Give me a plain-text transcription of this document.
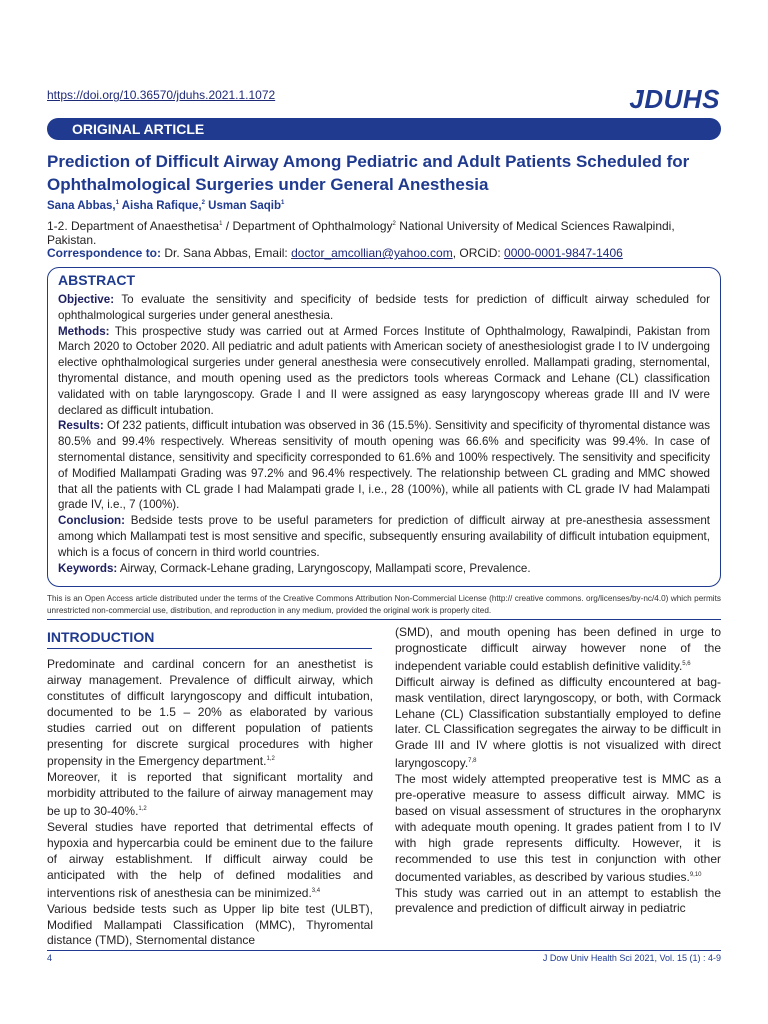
https://doi.org/10.36570/jduhs.2021.1.1072	JDUHS
ORIGINAL ARTICLE
Prediction of Difficult Airway Among Pediatric and Adult Patients Scheduled for Ophthalmological Surgeries under General Anesthesia
Sana Abbas,$^1$ Aisha Rafique,$^2$ Usman Saqib$^1$
1-2. Department of Anaesthetisa$^1$ / Department of Ophthalmology$^2$ National University of Medical Sciences Rawalpindi, Pakistan.
Correspondence to: Dr. Sana Abbas, Email: doctor_amcollian@yahoo.com, ORCiD: 0000-0001-9847-1406
ABSTRACT

Objective: To evaluate the sensitivity and specificity of bedside tests for prediction of difficult airway scheduled for ophthalmological surgeries under general anesthesia.

Methods: This prospective study was carried out at Armed Forces Institute of Ophthalmology, Rawalpindi, Pakistan from March 2020 to October 2020. All pediatric and adult patients with American society of anesthesiologist grade I to IV undergoing elective ophthalmological surgeries under general anesthesia were consecutively enrolled. Mallampati grading, sternomental, thyromental distance, and mouth opening used as the predictors tools whereas Cormack and Lehane (CL) classification validated with on table laryngoscopy. Grade I and II were assigned as easy laryngoscopy whereas grade III and IV were declared as difficult intubation.

Results: Of 232 patients, difficult intubation was observed in 36 (15.5%). Sensitivity and specificity of thyromental distance was 80.5% and 99.4% respectively. Whereas sensitivity of mouth opening was 66.6% and specificity was 99.4%. In case of sternomental distance, sensitivity and specificity corresponded to 61.6% and 100% respectively. The sensitivity and specificity of Modified Mallampati Grading was 97.2% and 96.4% respectively. The relationship between CL grading and MMC showed that all the patients with CL grade I had Malampati grade I, i.e., 28 (100%), while all patients with CL grade IV had Malampati grade IV, i.e., 7 (100%).

Conclusion: Bedside tests prove to be useful parameters for prediction of difficult airway at pre-anesthesia assessment among which Mallampati test is most sensitive and specific, subsequently ensuring availability of difficult intubation equipment, which is a focus of concern in third world countries.

Keywords: Airway, Cormack-Lehane grading, Laryngoscopy, Mallampati score, Prevalence.

This is an Open Access article distributed under the terms of the Creative Commons Attribution Non-Commercial License (http:// creative commons. org/licenses/by-nc/4.0) which permits unrestricted non-commercial use, distribution, and reproduction in any medium, provided the original work is properly cited.
INTRODUCTION

Predominate and cardinal concern for an anesthetist is airway management. Prevalence of difficult airway, which constitutes of difficult laryngoscopy and difficult intubation, documented to be 1.5 – 20% as elaborated by various studies carried out on different population of patients presenting for discrete surgical procedures with higher propensity in the Emergency department.$^{1,2}$

Moreover, it is reported that significant mortality and morbidity attributed to the failure of airway management may be up to 30-40%.$^{1,2}$

Several studies have reported that detrimental effects of hypoxia and hypercarbia could be eminent due to the failure of airway establishment. If difficult airway could be anticipated with the help of defined modalities and interventions risk of anesthesia can be minimized.$^{3,4}$

Various bedside tests such as Upper lip bite test (ULBT), Modified Mallampati Classification (MMC), Thyromental distance (TMD), Sternomental distance

(SMD), and mouth opening has been defined in urge to prognosticate difficult airway however none of the independent variable could establish definitive validity.$^{5,6}$

Difficult airway is defined as difficulty encountered at bag-mask ventilation, direct laryngoscopy, or both, with Cormack Lehane (CL) Classification substantially employed to define later. CL Classification segregates the airway to be difficult in Grade III and IV where glottis is not visualized with direct laryngoscopy.$^{7,8}$

The most widely attempted preoperative test is MMC as a pre-operative measure to assess difficult airway. MMC is based on visual assessment of structures in the oropharynx with adequate mouth opening. It grades patient from I to IV with high grade represents difficulty. However, it is recommended to use this test in conjunction with other documented variables, as described by various studies.$^{9,10}$

This study was carried out in an attempt to establish the prevalence and prediction of difficult airway in pediatric

4	J Dow Univ Health Sci 2021, Vol. 15 (1) : 4-9
